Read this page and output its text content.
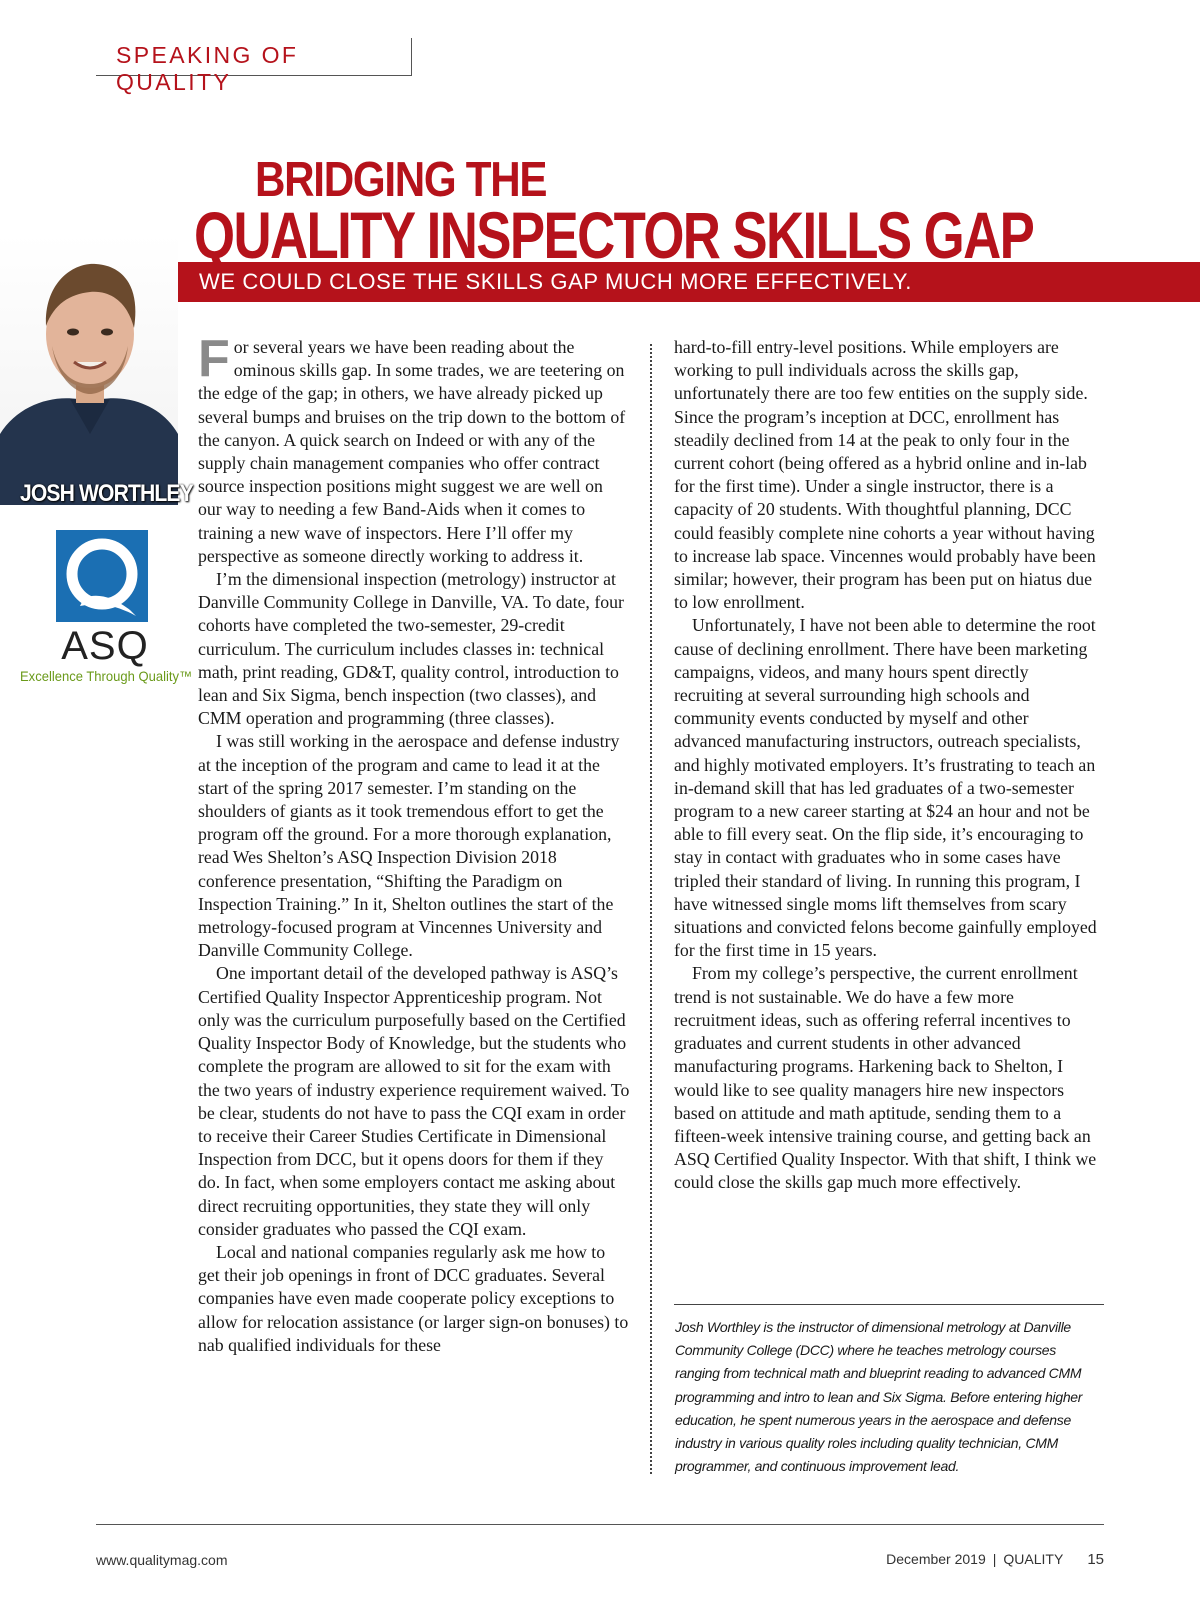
SPEAKING OF QUALITY
BRIDGING THE
QUALITY INSPECTOR SKILLS GAP
WE COULD CLOSE THE SKILLS GAP MUCH MORE EFFECTIVELY.
JOSH WORTHLEY
ASQ
Excellence Through Quality™

For several years we have been reading about the ominous skills gap. In some trades, we are teetering on the edge of the gap; in others, we have already picked up several bumps and bruises on the trip down to the bottom of the canyon. A quick search on Indeed or with any of the supply chain management companies who offer contract source inspection positions might suggest we are well on our way to needing a few Band-Aids when it comes to training a new wave of inspectors. Here I’ll offer my perspective as someone directly working to address it.

I’m the dimensional inspection (metrology) instructor at Danville Community College in Danville, VA. To date, four cohorts have completed the two-semester, 29-credit curriculum. The curriculum includes classes in: technical math, print reading, GD&T, quality control, introduction to lean and Six Sigma, bench inspection (two classes), and CMM operation and programming (three classes).

I was still working in the aerospace and defense industry at the inception of the program and came to lead it at the start of the spring 2017 semester. I’m standing on the shoulders of giants as it took tremendous effort to get the program off the ground. For a more thorough explanation, read Wes Shelton’s ASQ Inspection Division 2018 conference presentation, “Shifting the Paradigm on Inspection Training.” In it, Shelton outlines the start of the metrology-focused program at Vincennes University and Danville Community College.

One important detail of the developed pathway is ASQ’s Certified Quality Inspector Apprenticeship program. Not only was the curriculum purposefully based on the Certified Quality Inspector Body of Knowledge, but the students who complete the program are allowed to sit for the exam with the two years of industry experience requirement waived. To be clear, students do not have to pass the CQI exam in order to receive their Career Studies Certificate in Dimensional Inspection from DCC, but it opens doors for them if they do. In fact, when some employers contact me asking about direct recruiting opportunities, they state they will only consider graduates who passed the CQI exam.

Local and national companies regularly ask me how to get their job openings in front of DCC graduates. Several companies have even made cooperate policy exceptions to allow for relocation assistance (or larger sign-on bonuses) to nab qualified individuals for these

hard-to-fill entry-level positions. While employers are working to pull individuals across the skills gap, unfortunately there are too few entities on the supply side. Since the program’s inception at DCC, enrollment has steadily declined from 14 at the peak to only four in the current cohort (being offered as a hybrid online and in-lab for the first time). Under a single instructor, there is a capacity of 20 students. With thoughtful planning, DCC could feasibly complete nine cohorts a year without having to increase lab space. Vincennes would probably have been similar; however, their program has been put on hiatus due to low enrollment.

Unfortunately, I have not been able to determine the root cause of declining enrollment. There have been marketing campaigns, videos, and many hours spent directly recruiting at several surrounding high schools and community events conducted by myself and other advanced manufacturing instructors, outreach specialists, and highly motivated employers. It’s frustrating to teach an in-demand skill that has led graduates of a two-semester program to a new career starting at $24 an hour and not be able to fill every seat. On the flip side, it’s encouraging to stay in contact with graduates who in some cases have tripled their standard of living. In running this program, I have witnessed single moms lift themselves from scary situations and convicted felons become gainfully employed for the first time in 15 years.

From my college’s perspective, the current enrollment trend is not sustainable. We do have a few more recruitment ideas, such as offering referral incentives to graduates and current students in other advanced manufacturing programs. Harkening back to Shelton, I would like to see quality managers hire new inspectors based on attitude and math aptitude, sending them to a fifteen-week intensive training course, and getting back an ASQ Certified Quality Inspector. With that shift, I think we could close the skills gap much more effectively.

Josh Worthley is the instructor of dimensional metrology at Danville Community College (DCC) where he teaches metrology courses ranging from technical math and blueprint reading to advanced CMM programming and intro to lean and Six Sigma. Before entering higher education, he spent numerous years in the aerospace and defense industry in various quality roles including quality technician, CMM programmer, and continuous improvement lead.
www.qualitymag.com	December 2019 | QUALITY 15
